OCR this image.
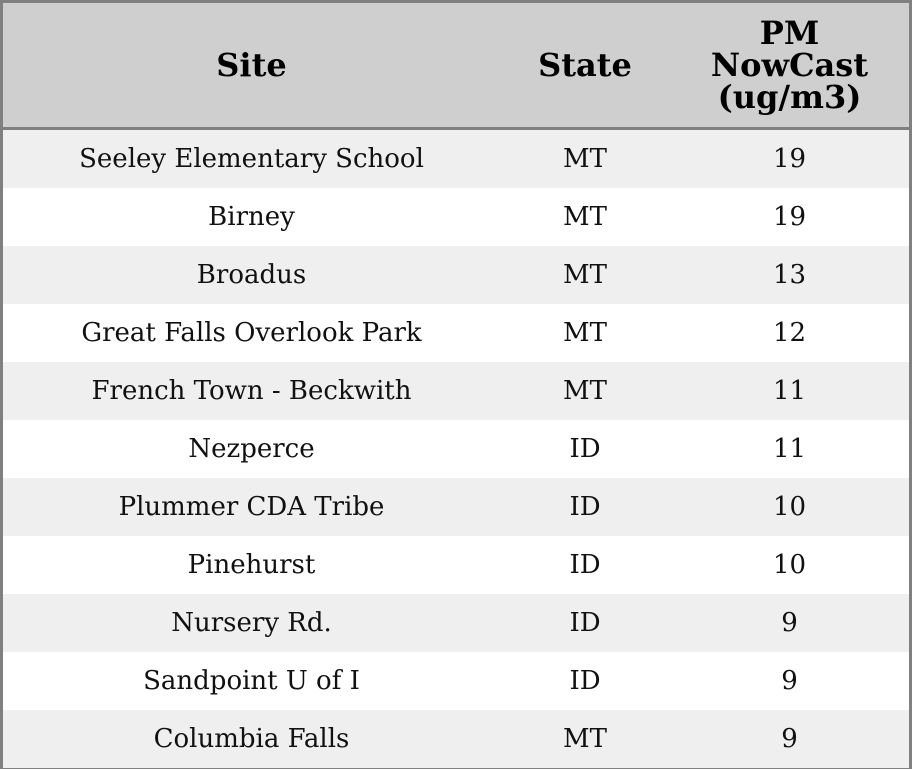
Site	State	PM
NowCast
(ug/m3)
Seeley Elementary School	MT	19
Birney	MT	19
Broadus	MT	13
Great Falls Overlook Park	MT	12
French Town - Beckwith	MT	11
Nezperce	ID	11
Plummer CDA Tribe	ID	10
Pinehurst	ID	10
Nursery Rd.	ID	9
Sandpoint U of I	ID	9
Columbia Falls	MT	9
